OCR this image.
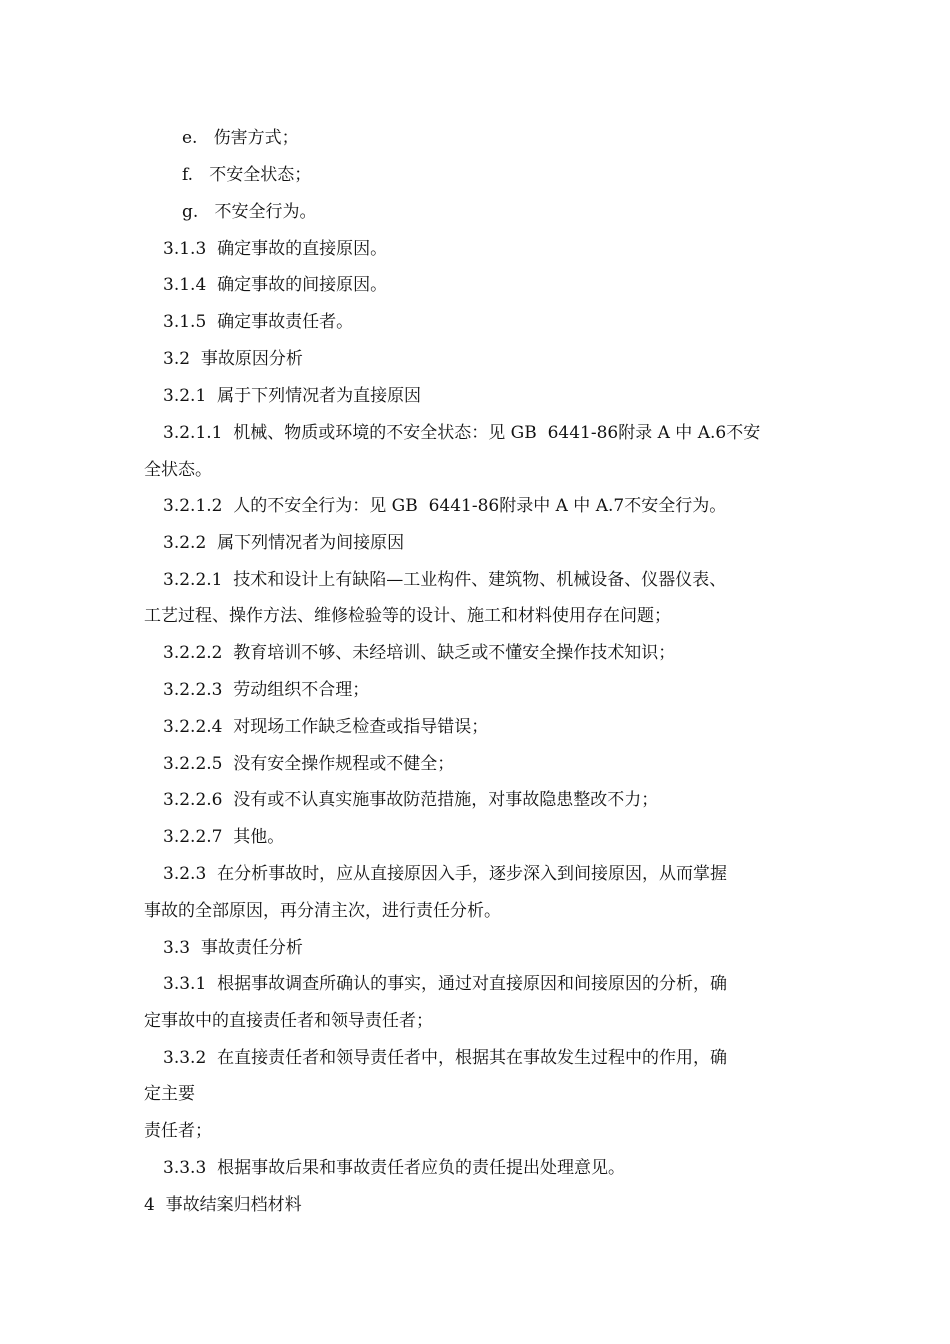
e.   伤害方式；
f.   不安全状态；
g.   不安全行为。
3.1.3  确定事故的直接原因。
3.1.4  确定事故的间接原因。
3.1.5  确定事故责任者。
3.2  事故原因分析
3.2.1  属于下列情况者为直接原因
3.2.1.1  机械、物质或环境的不安全状态：见 GB  6441-86附录 A 中 A.6不安
全状态。
3.2.1.2  人的不安全行为：见 GB  6441-86附录中 A 中 A.7不安全行为。
3.2.2  属下列情况者为间接原因
3.2.2.1  技术和设计上有缺陷—工业构件、建筑物、机械设备、仪器仪表、
工艺过程、操作方法、维修检验等的设计、施工和材料使用存在问题；
3.2.2.2  教育培训不够、未经培训、缺乏或不懂安全操作技术知识；
3.2.2.3  劳动组织不合理；
3.2.2.4  对现场工作缺乏检查或指导错误；
3.2.2.5  没有安全操作规程或不健全；
3.2.2.6  没有或不认真实施事故防范措施，对事故隐患整改不力；
3.2.2.7  其他。
3.2.3  在分析事故时，应从直接原因入手，逐步深入到间接原因，从而掌握
事故的全部原因，再分清主次，进行责任分析。
3.3  事故责任分析
3.3.1  根据事故调查所确认的事实，通过对直接原因和间接原因的分析，确
定事故中的直接责任者和领导责任者；
3.3.2  在直接责任者和领导责任者中，根据其在事故发生过程中的作用，确
定主要
责任者；
3.3.3  根据事故后果和事故责任者应负的责任提出处理意见。
4  事故结案归档材料
